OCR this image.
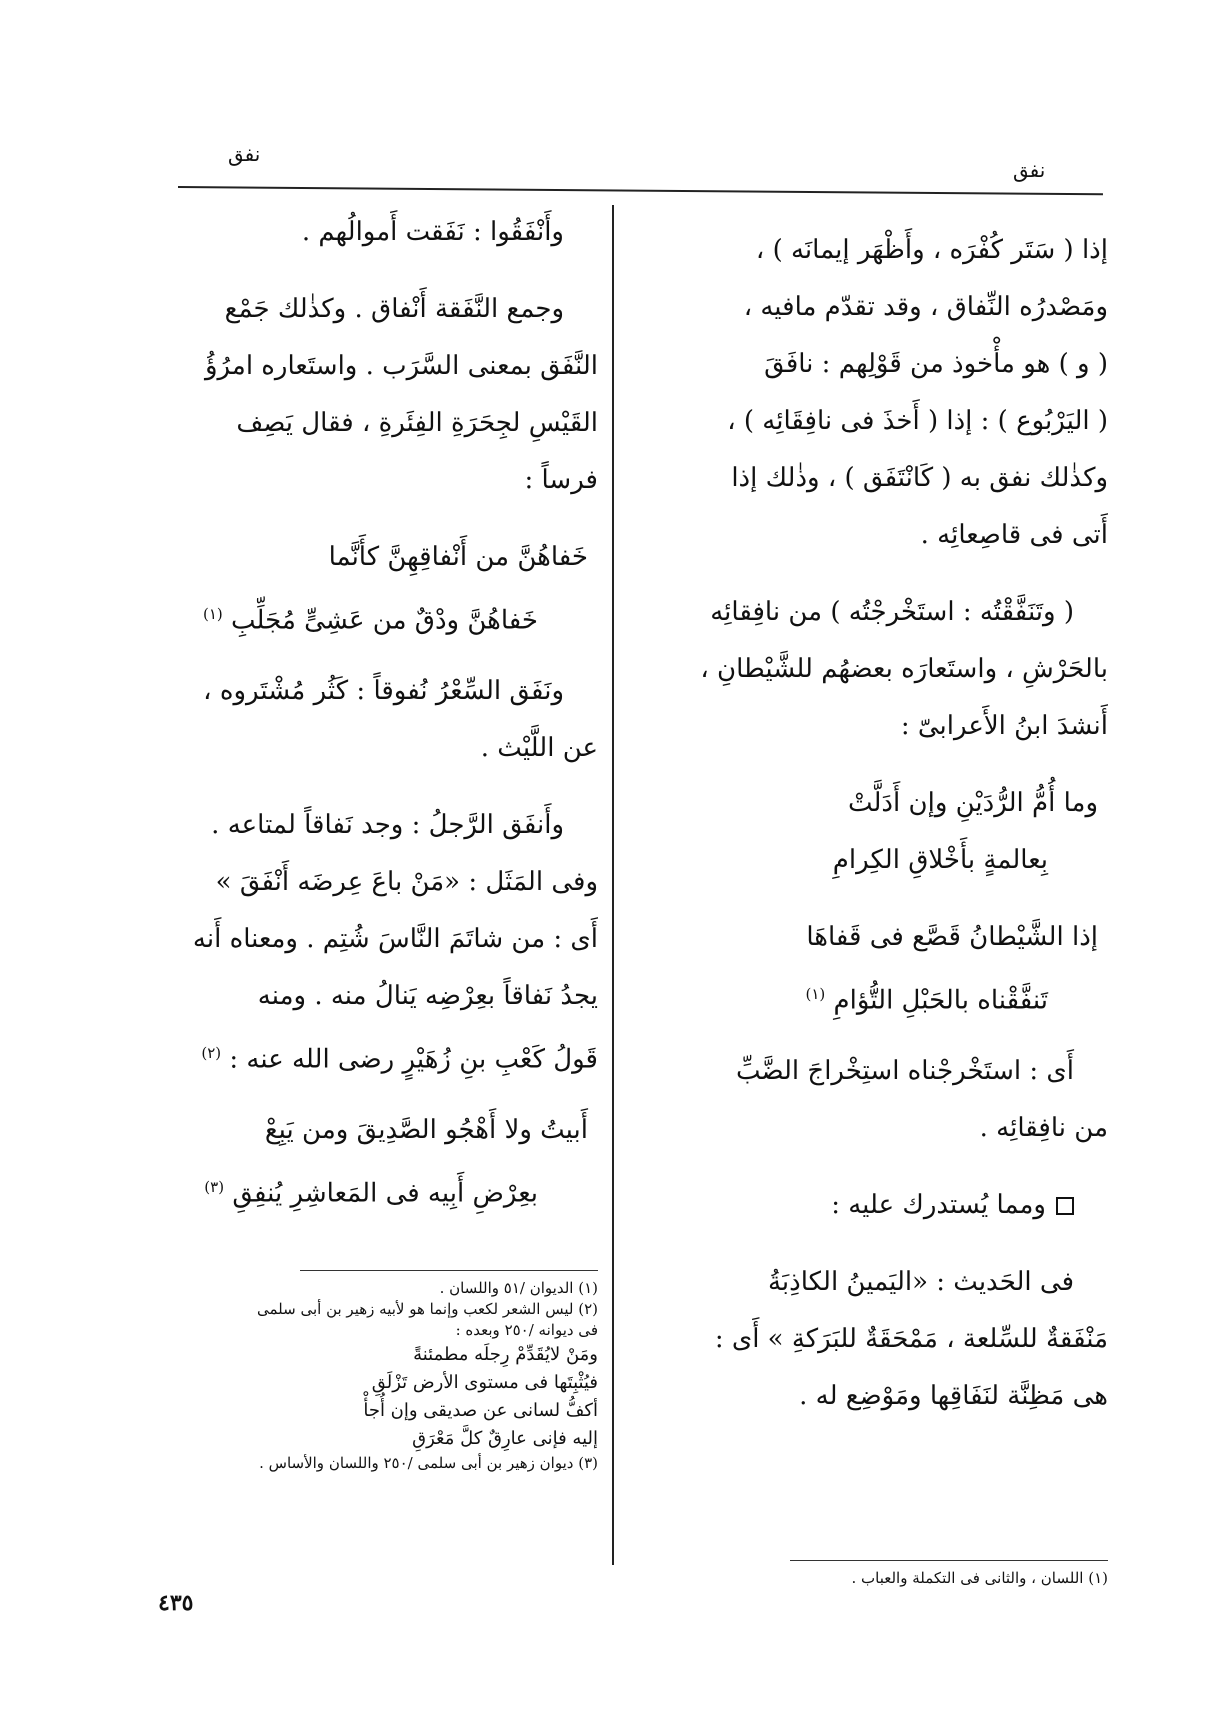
نفق
نفق
إذا ( سَتَر كُفْرَه ، وأَظْهَر إيمانَه ) ،
ومَصْدرُه النِّفاق ، وقد تقدّم مافيه ،
( و ) هو مأْخوذ من قَوْلِهم : نافَقَ
( اليَرْبُوع ) : إذا ( أَخذَ فى نافِقَائِه ) ،
وكذٰلك نفق به ( كَانْتَفَق ) ، وذٰلك إذا
أَتى فى قاصِعائِه .
( وتَنَفَّقْتُه : استَخْرجْتُه ) من نافِقائِه
بالحَرْشِ ، واستَعارَه بعضهُم للشَّيْطانِ ،
أَنشدَ ابنُ الأَعرابىّ :
وما أُمُّ الرُّدَيْنِ وإن أَدَلَّتْ
بِعالمةٍ بأَخْلاقِ الكِرامِ
إذا الشَّيْطانُ قَصَّع فى قَفاهَا
تَنفَّقْناه بالحَبْلِ التُّؤامِ $^{(١)}$
أَى : استَخْرجْناه استِخْراجَ الضَّبِّ
من نافِقائِه .
ومما يُستدرك عليه :
فى الحَديث : «اليَمينُ الكاذِبَةُ
مَنْفَقةٌ للسِّلعة ، مَمْحَقَةٌ للبَرَكةِ » أَى :
هى مَظِنَّة لنَفَاقِها ومَوْضِع له .
وأَنْفَقُوا : نَفَقت أَموالُهم .
وجمع النَّفَقة أَنْفاق . وكذٰلك جَمْع
النَّفَق بمعنى السَّرَب . واستَعاره امرُؤُ
القَيْسِ لجِحَرَةِ الفِئَرةِ ، فقال يَصِف
فرساً :
خَفاهُنَّ من أَنْفاقِهِنَّ كأَنَّما
خَفاهُنَّ ودْقٌ من عَشِىٍّ مُجَلِّبِ $^{(١)}$
ونَفَق السِّعْرُ نُفوقاً : كَثُر مُشْتَروه ،
عن اللَّيْث .
وأَنفَق الرَّجلُ : وجد نَفاقاً لمتاعه .
وفى المَثَل : «مَنْ باعَ عِرضَه أَنْفَقَ »
أَى : من شاتَمَ النَّاسَ شُتِم . ومعناه أَنه
يجدُ نَفاقاً بعِرْضِه يَنالُ منه . ومنه
قَولُ كَعْبِ بنِ زُهَيْرٍ رضى الله عنه : $^{(٢)}$
أَبيتُ ولا أَهْجُو الصَّدِيقَ ومن يَبِعْ
بعِرْضِ أَبِيه فى المَعاشِرِ يُنفِقِ $^{(٣)}$
(١) الديوان /٥١ واللسان .
(٢) ليس الشعر لكعب وإنما هو لأبيه زهير بن أبى سلمى
فى ديوانه /٢٥٠ وبعده :
ومَنْ لايُقَدِّمْ رِجلَه مطمئنةً
فيُثْبِتَها فى مستوى الأرض تَزْلَقِ
أكفُّ لسانى عن صديقى وإن أُجأْ
إليه فإنى عارِقٌ كلَّ مَعْرَقِ
(٣) ديوان زهير بن أبى سلمى /٢٥٠ واللسان والأساس .
(١) اللسان ، والثانى فى التكملة والعباب .
٤٣٥
